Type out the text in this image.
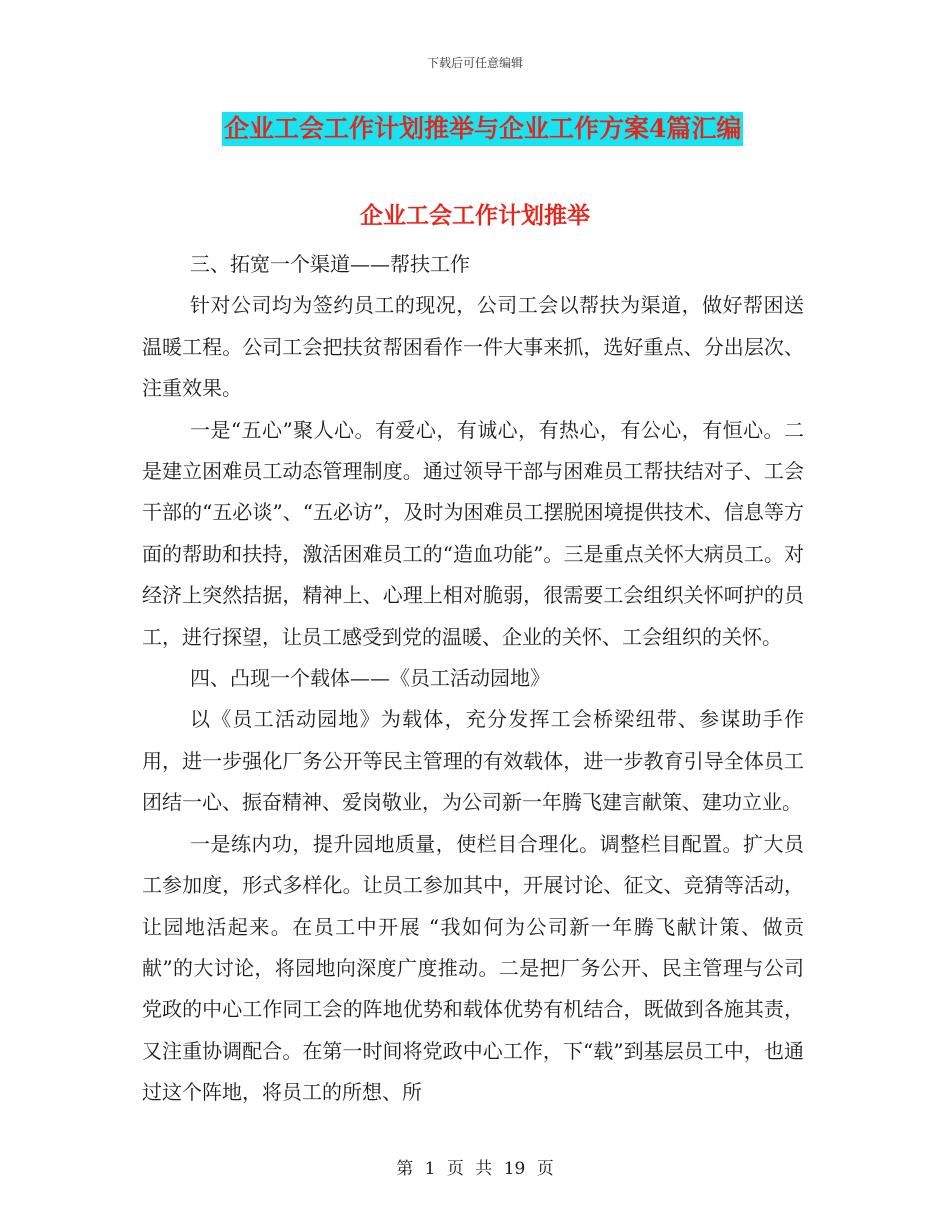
下载后可任意编辑
企业工会工作计划推举与企业工作方案4篇汇编
企业工会工作计划推举

三、拓宽一个渠道——帮扶工作

针对公司均为签约员工的现况，公司工会以帮扶为渠道，做好帮困送温暖工程。公司工会把扶贫帮困看作一件大事来抓，选好重点、分出层次、注重效果。

一是“五心”聚人心。有爱心，有诚心，有热心，有公心，有恒心。二是建立困难员工动态管理制度。通过领导干部与困难员工帮扶结对子、工会干部的“五必谈”、“五必访”，及时为困难员工摆脱困境提供技术、信息等方面的帮助和扶持，激活困难员工的“造血功能”。三是重点关怀大病员工。对经济上突然拮据，精神上、心理上相对脆弱，很需要工会组织关怀呵护的员工，进行探望，让员工感受到党的温暖、企业的关怀、工会组织的关怀。

四、凸现一个载体——《员工活动园地》

以《员工活动园地》为载体，充分发挥工会桥梁纽带、参谋助手作用，进一步强化厂务公开等民主管理的有效载体，进一步教育引导全体员工团结一心、振奋精神、爱岗敬业，为公司新一年腾飞建言献策、建功立业。

一是练内功，提升园地质量，使栏目合理化。调整栏目配置。扩大员工参加度，形式多样化。让员工参加其中，开展讨论、征文、竞猜等活动，让园地活起来。在员工中开展 “我如何为公司新一年腾飞献计策、做贡献”的大讨论，将园地向深度广度推动。二是把厂务公开、民主管理与公司党政的中心工作同工会的阵地优势和载体优势有机结合，既做到各施其责，又注重协调配合。在第一时间将党政中心工作，下“载”到基层员工中，也通过这个阵地，将员工的所想、所

第 1 页 共 19 页
